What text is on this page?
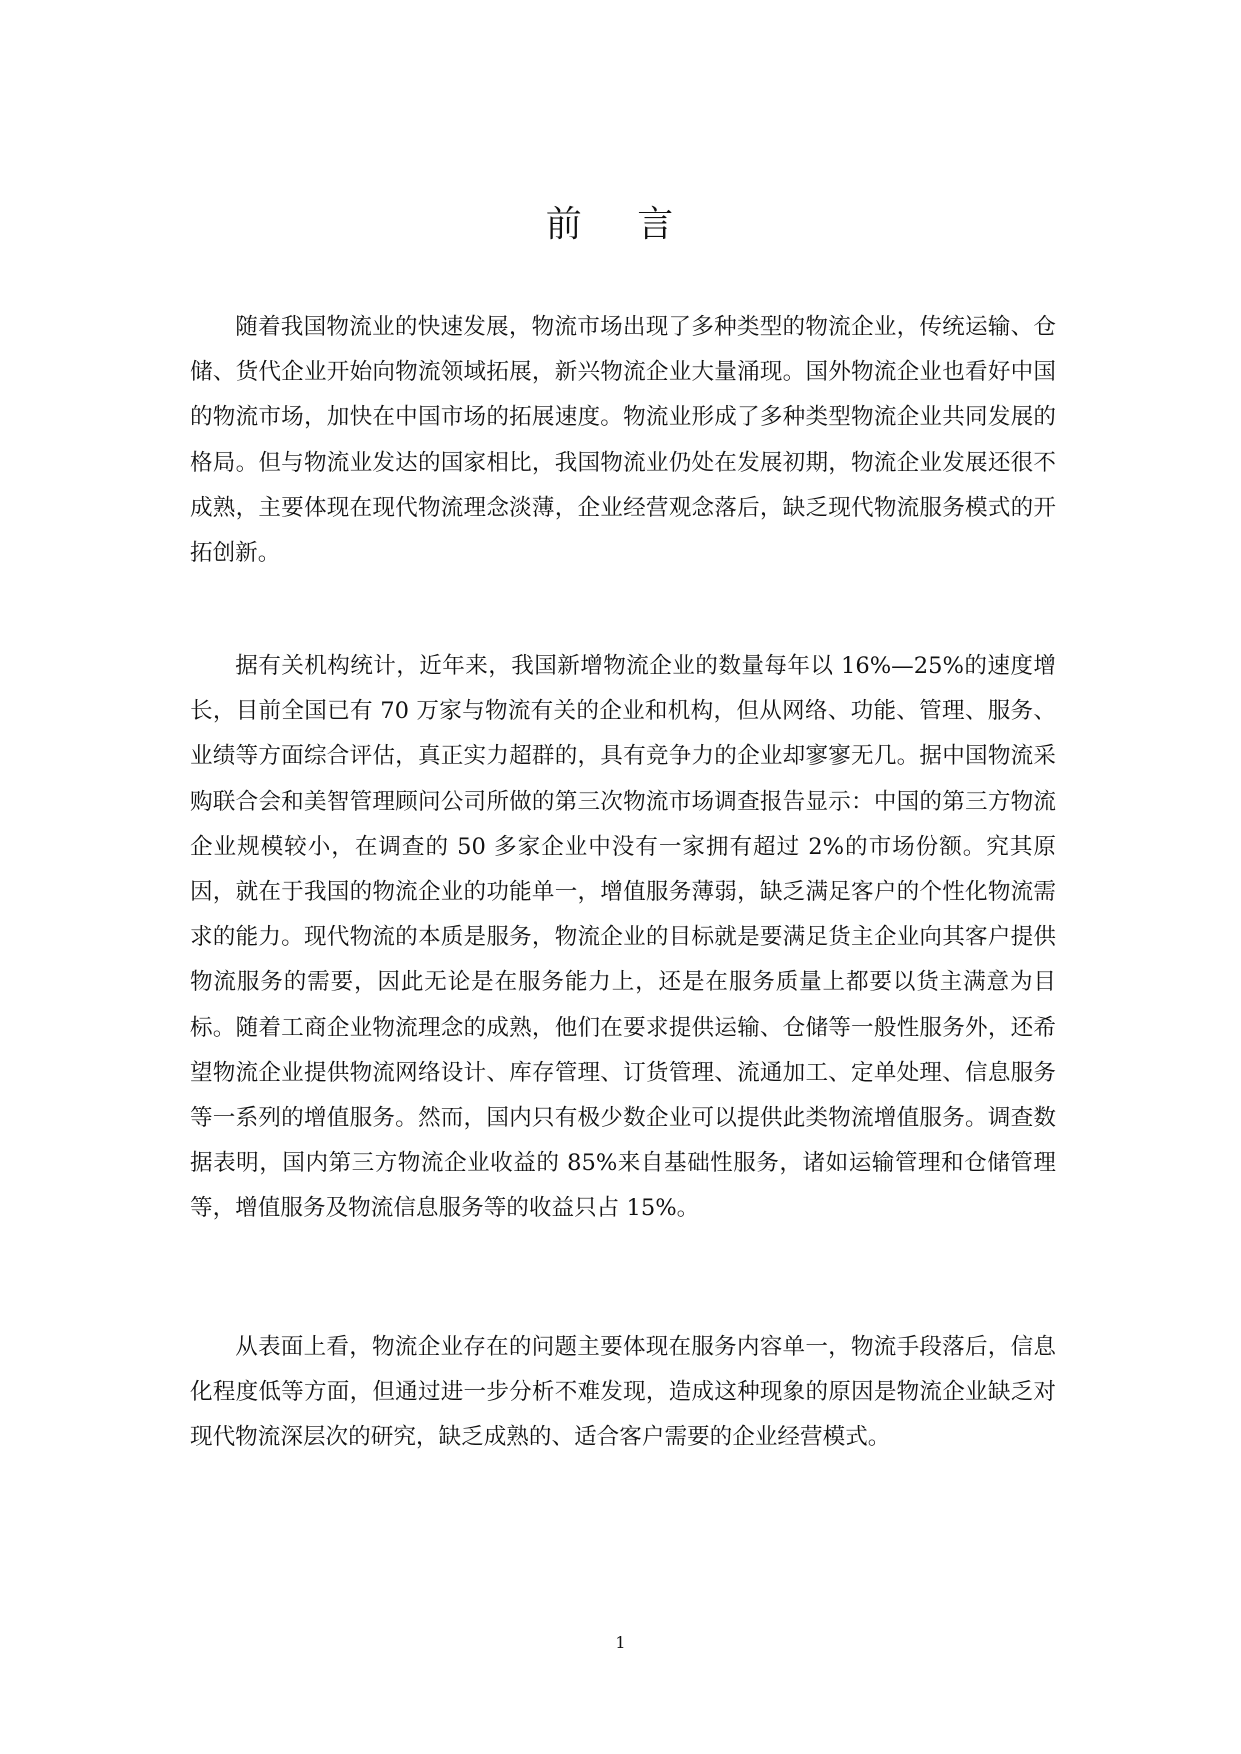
前 言

随着我国物流业的快速发展，物流市场出现了多种类型的物流企业，传统运输、仓储、货代企业开始向物流领域拓展，新兴物流企业大量涌现。国外物流企业也看好中国的物流市场，加快在中国市场的拓展速度。物流业形成了多种类型物流企业共同发展的格局。但与物流业发达的国家相比，我国物流业仍处在发展初期，物流企业发展还很不成熟，主要体现在现代物流理念淡薄，企业经营观念落后，缺乏现代物流服务模式的开拓创新。

据有关机构统计，近年来，我国新增物流企业的数量每年以 16%—25%的速度增长，目前全国已有 70 万家与物流有关的企业和机构，但从网络、功能、管理、服务、业绩等方面综合评估，真正实力超群的，具有竞争力的企业却寥寥无几。据中国物流采购联合会和美智管理顾问公司所做的第三次物流市场调查报告显示：中国的第三方物流企业规模较小，在调查的 50 多家企业中没有一家拥有超过 2%的市场份额。究其原因，就在于我国的物流企业的功能单一，增值服务薄弱，缺乏满足客户的个性化物流需求的能力。现代物流的本质是服务，物流企业的目标就是要满足货主企业向其客户提供物流服务的需要，因此无论是在服务能力上，还是在服务质量上都要以货主满意为目标。随着工商企业物流理念的成熟，他们在要求提供运输、仓储等一般性服务外，还希望物流企业提供物流网络设计、库存管理、订货管理、流通加工、定单处理、信息服务等一系列的增值服务。然而，国内只有极少数企业可以提供此类物流增值服务。调查数据表明，国内第三方物流企业收益的 85%来自基础性服务，诸如运输管理和仓储管理等，增值服务及物流信息服务等的收益只占 15%。

从表面上看，物流企业存在的问题主要体现在服务内容单一，物流手段落后，信息化程度低等方面，但通过进一步分析不难发现，造成这种现象的原因是物流企业缺乏对现代物流深层次的研究，缺乏成熟的、适合客户需要的企业经营模式。

1
